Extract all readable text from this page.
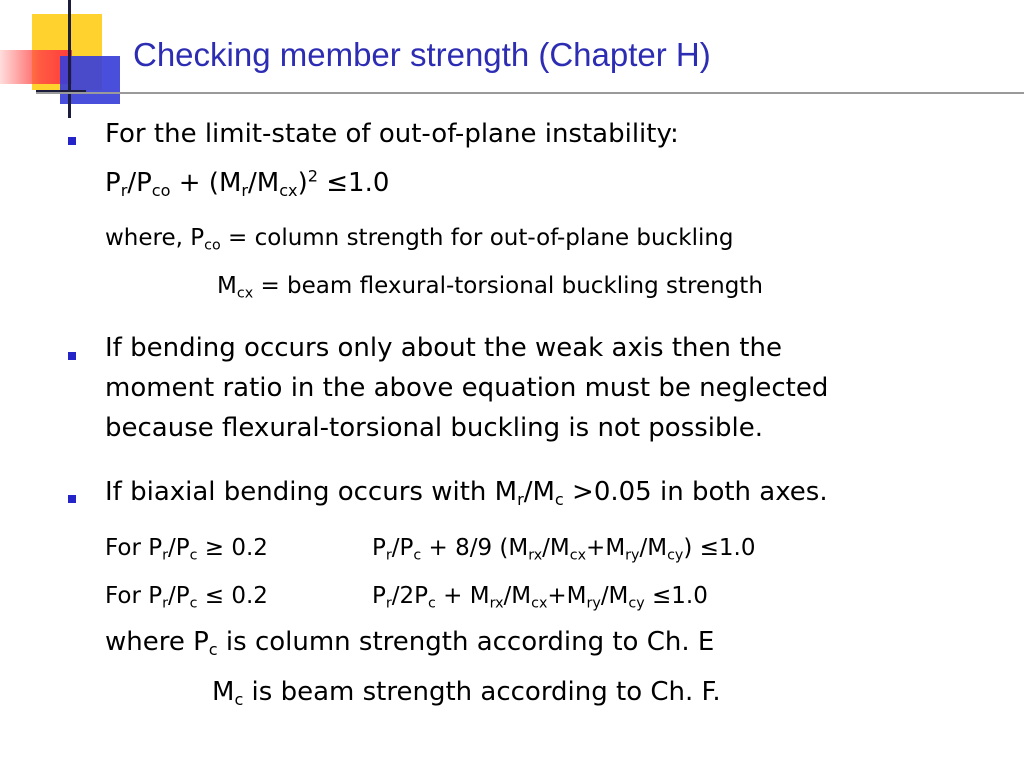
Checking member strength (Chapter H)

For the limit-state of out-of-plane instability:

$P_r/P_{co} + (M_r/M_{cx})^2 \le 1.0$

where, $P_{co}$ = column strength for out-of-plane buckling

$M_{cx}$ = beam flexural-torsional buckling strength

If bending occurs only about the weak axis then the

moment ratio in the above equation must be neglected

because flexural-torsional buckling is not possible.

If biaxial bending occurs with $M_r/M_c >0.05$ in both axes.

For $P_r/P_c \ge 0.2$	$P_r/P_c + 8/9$ $(M_{rx}/M_{cx}+M_{ry}/M_{cy}) \le 1.0$

For $P_r/P_c \le 0.2$	$P_r/2P_c + M_{rx}/M_{cx}+M_{ry}/M_{cy} \le 1.0$

where $P_c$ is column strength according to Ch. E

$M_c$ is beam strength according to Ch. F.
